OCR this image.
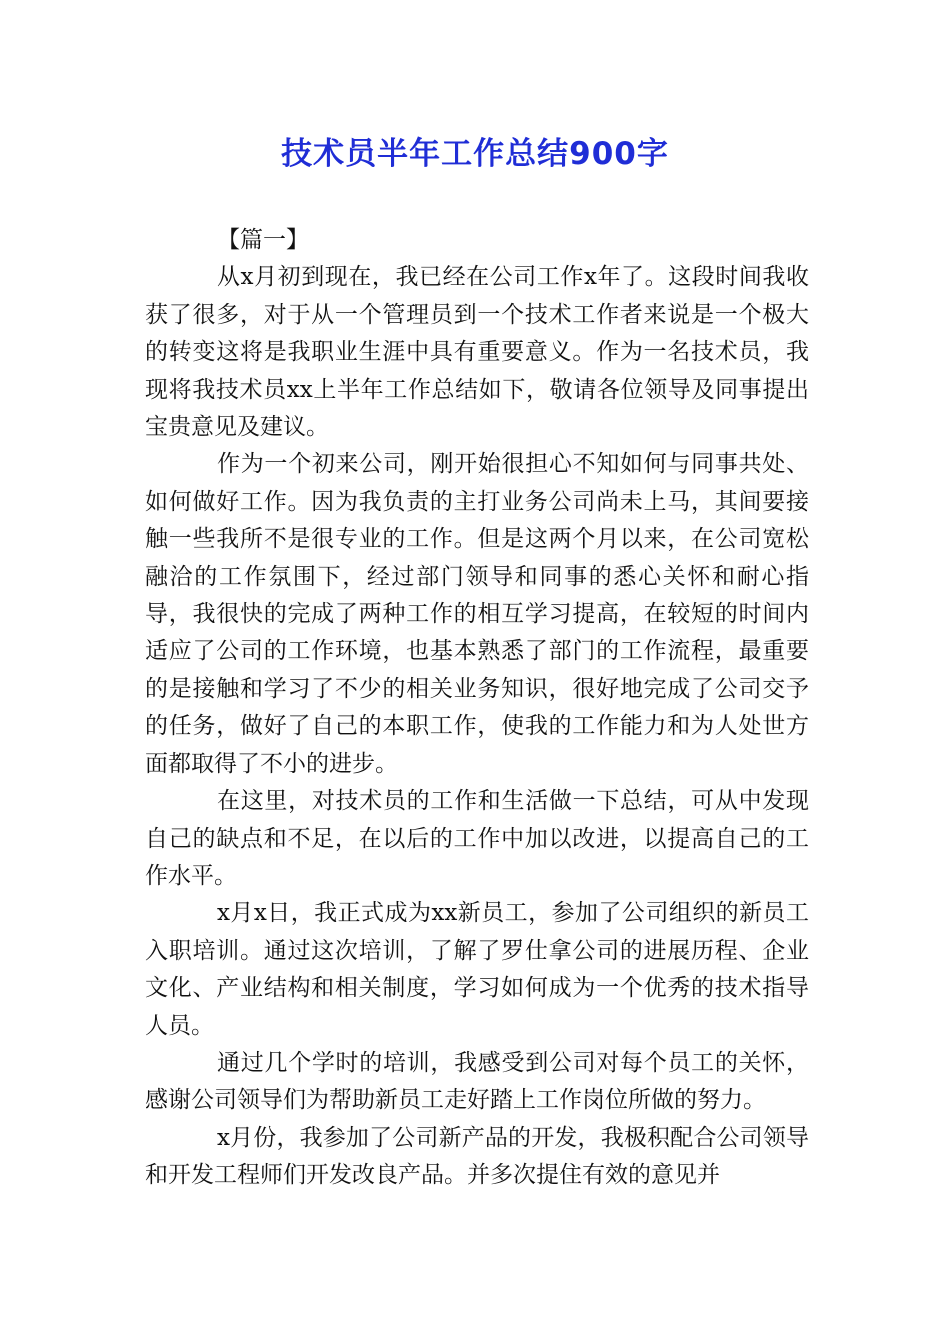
技术员半年工作总结900字

【篇一】

从x月初到现在，我已经在公司工作x年了。这段时间我收获了很多，对于从一个管理员到一个技术工作者来说是一个极大的转变这将是我职业生涯中具有重要意义。作为一名技术员，我现将我技术员xx上半年工作总结如下，敬请各位领导及同事提出宝贵意见及建议。

作为一个初来公司，刚开始很担心不知如何与同事共处、如何做好工作。因为我负责的主打业务公司尚未上马，其间要接触一些我所不是很专业的工作。但是这两个月以来，在公司宽松融洽的工作氛围下，经过部门领导和同事的悉心关怀和耐心指导，我很快的完成了两种工作的相互学习提高，在较短的时间内适应了公司的工作环境，也基本熟悉了部门的工作流程，最重要的是接触和学习了不少的相关业务知识，很好地完成了公司交予的任务，做好了自己的本职工作，使我的工作能力和为人处世方面都取得了不小的进步。

在这里，对技术员的工作和生活做一下总结，可从中发现自己的缺点和不足，在以后的工作中加以改进，以提高自己的工作水平。

x月x日，我正式成为xx新员工，参加了公司组织的新员工入职培训。通过这次培训，了解了罗仕拿公司的进展历程、企业文化、产业结构和相关制度，学习如何成为一个优秀的技术指导人员。

通过几个学时的培训，我感受到公司对每个员工的关怀，感谢公司领导们为帮助新员工走好踏上工作岗位所做的努力。

x月份，我参加了公司新产品的开发，我极积配合公司领导和开发工程师们开发改良产品。并多次提住有效的意见并
